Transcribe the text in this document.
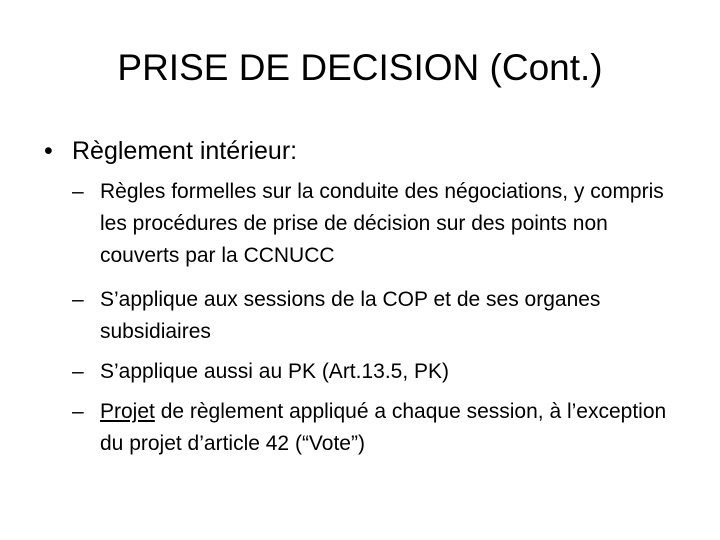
PRISE DE DECISION (Cont.)
• Règlement intérieur:
– Règles formelles sur la conduite des négociations, y compris les procédures de prise de décision sur des points non couverts par la CCNUCC
– S’applique aux sessions de la COP et de ses organes subsidiaires
– S’applique aussi au PK (Art.13.5, PK)
– Projet de règlement appliqué a chaque session, à l’exception du projet d’article 42 (“Vote”)
